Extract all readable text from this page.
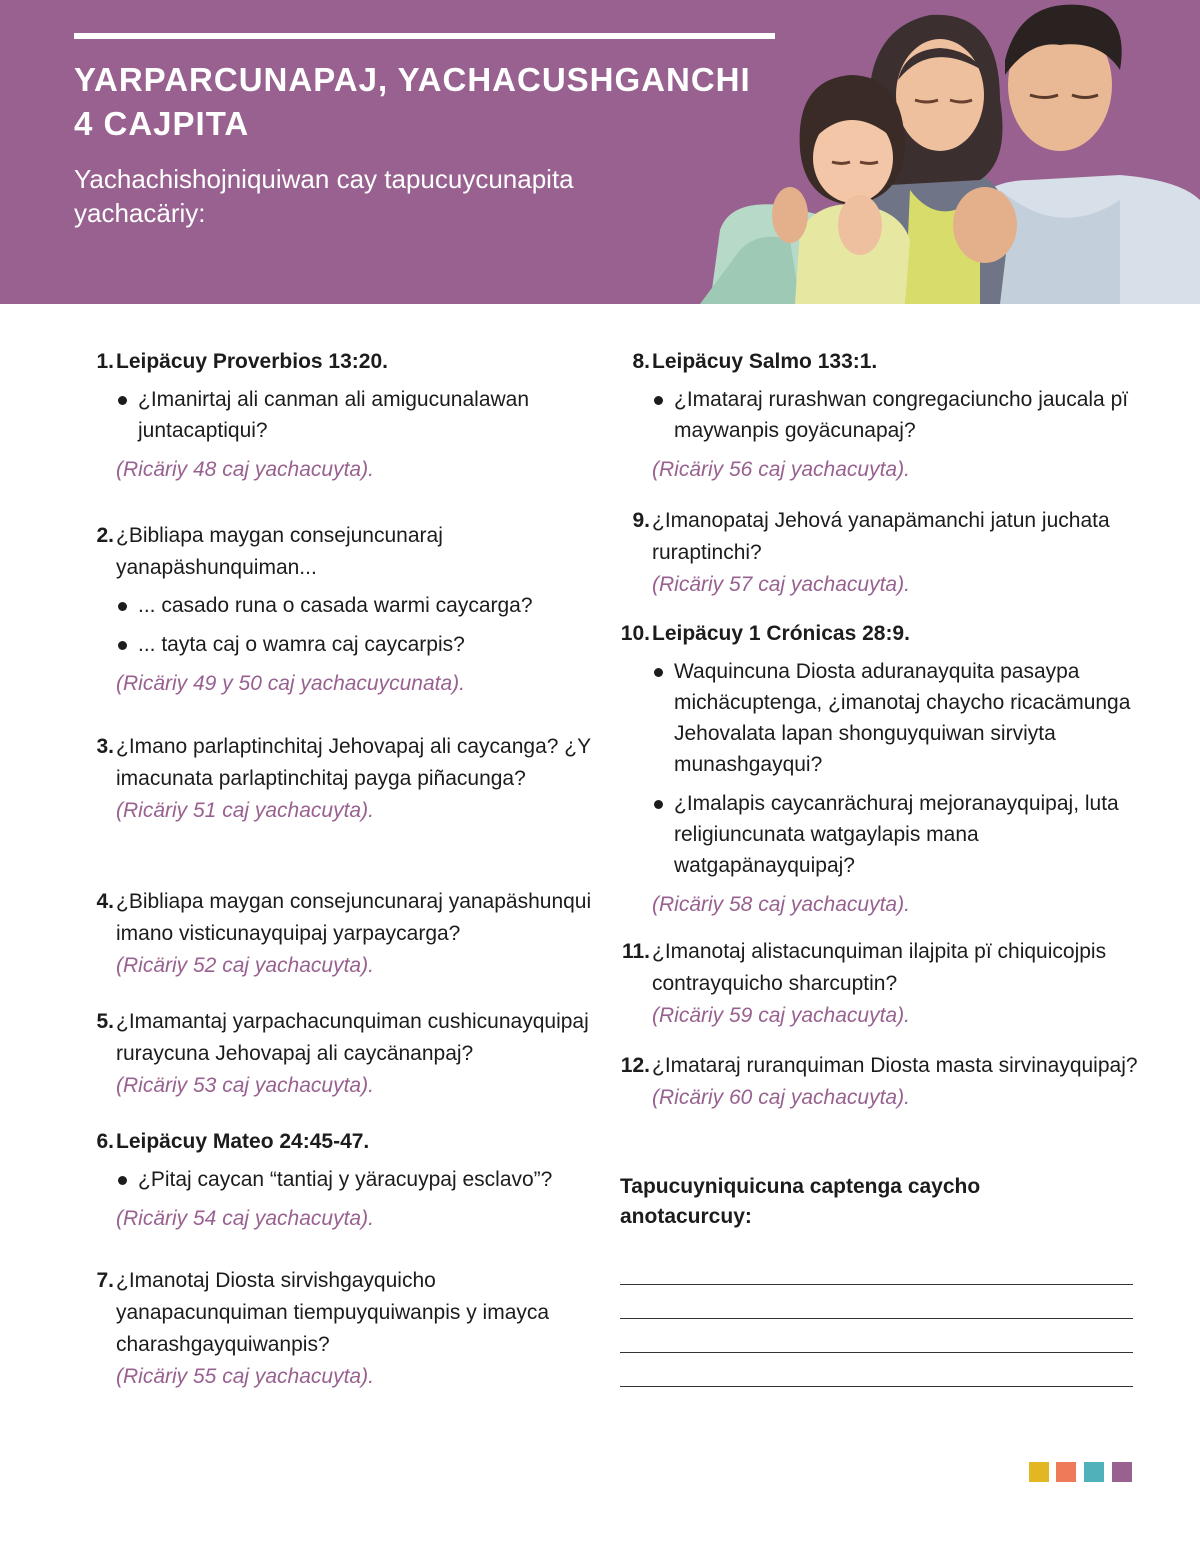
YARPARCUNAPAJ, YACHACUSHGANCHI
4 CAJPITA

Yachachishojniquiwan cay tapucuycunapita yachacäriy:

1. Leipäcuy Proverbios 13:20.
¿Imanirtaj ali canman ali amigucunalawan juntacaptiqui?
(Ricäriy 48 caj yachacuyta).
2. ¿Bibliapa maygan consejuncunaraj yanapäshunquiman...
... casado runa o casada warmi caycarga?
... tayta caj o wamra caj caycarpis?
(Ricäriy 49 y 50 caj yachacuycunata).
3. ¿Imano parlaptinchitaj Jehovapaj ali caycanga? ¿Y imacunata parlaptinchitaj payga piñacunga?
(Ricäriy 51 caj yachacuyta).
4. ¿Bibliapa maygan consejuncunaraj yanapäshunqui imano visticunayquipaj yarpaycarga?
(Ricäriy 52 caj yachacuyta).
5. ¿Imamantaj yarpachacunquiman cushicunayquipaj ruraycuna Jehovapaj ali caycänanpaj?
(Ricäriy 53 caj yachacuyta).
6. Leipäcuy Mateo 24:45-47.
¿Pitaj caycan “tantiaj y yäracuypaj esclavo”?
(Ricäriy 54 caj yachacuyta).
7. ¿Imanotaj Diosta sirvishgayquicho yanapacunquiman tiempuyquiwanpis y imayca charashgayquiwanpis?
(Ricäriy 55 caj yachacuyta).
8. Leipäcuy Salmo 133:1.
¿Imataraj rurashwan congregaciuncho jaucala pï maywanpis goyäcunapaj?
(Ricäriy 56 caj yachacuyta).
9. ¿Imanopataj Jehová yanapämanchi jatun juchata ruraptinchi?
(Ricäriy 57 caj yachacuyta).
10. Leipäcuy 1 Crónicas 28:9.
Waquincuna Diosta aduranayquita pasaypa michäcuptenga, ¿imanotaj chaycho ricacämunga Jehovalata lapan shonguyquiwan sirviyta munashgayqui?
¿Imalapis caycanrächuraj mejoranayquipaj, luta religiuncunata watgaylapis mana watgapänayquipaj?
(Ricäriy 58 caj yachacuyta).
11. ¿Imanotaj alistacunquiman ilajpita pï chiquicojpis contrayquicho sharcuptin?
(Ricäriy 59 caj yachacuyta).
12. ¿Imataraj ruranquiman Diosta masta sirvinayquipaj?
(Ricäriy 60 caj yachacuyta).
Tapucuyniquicuna captenga caycho anotacurcuy:
